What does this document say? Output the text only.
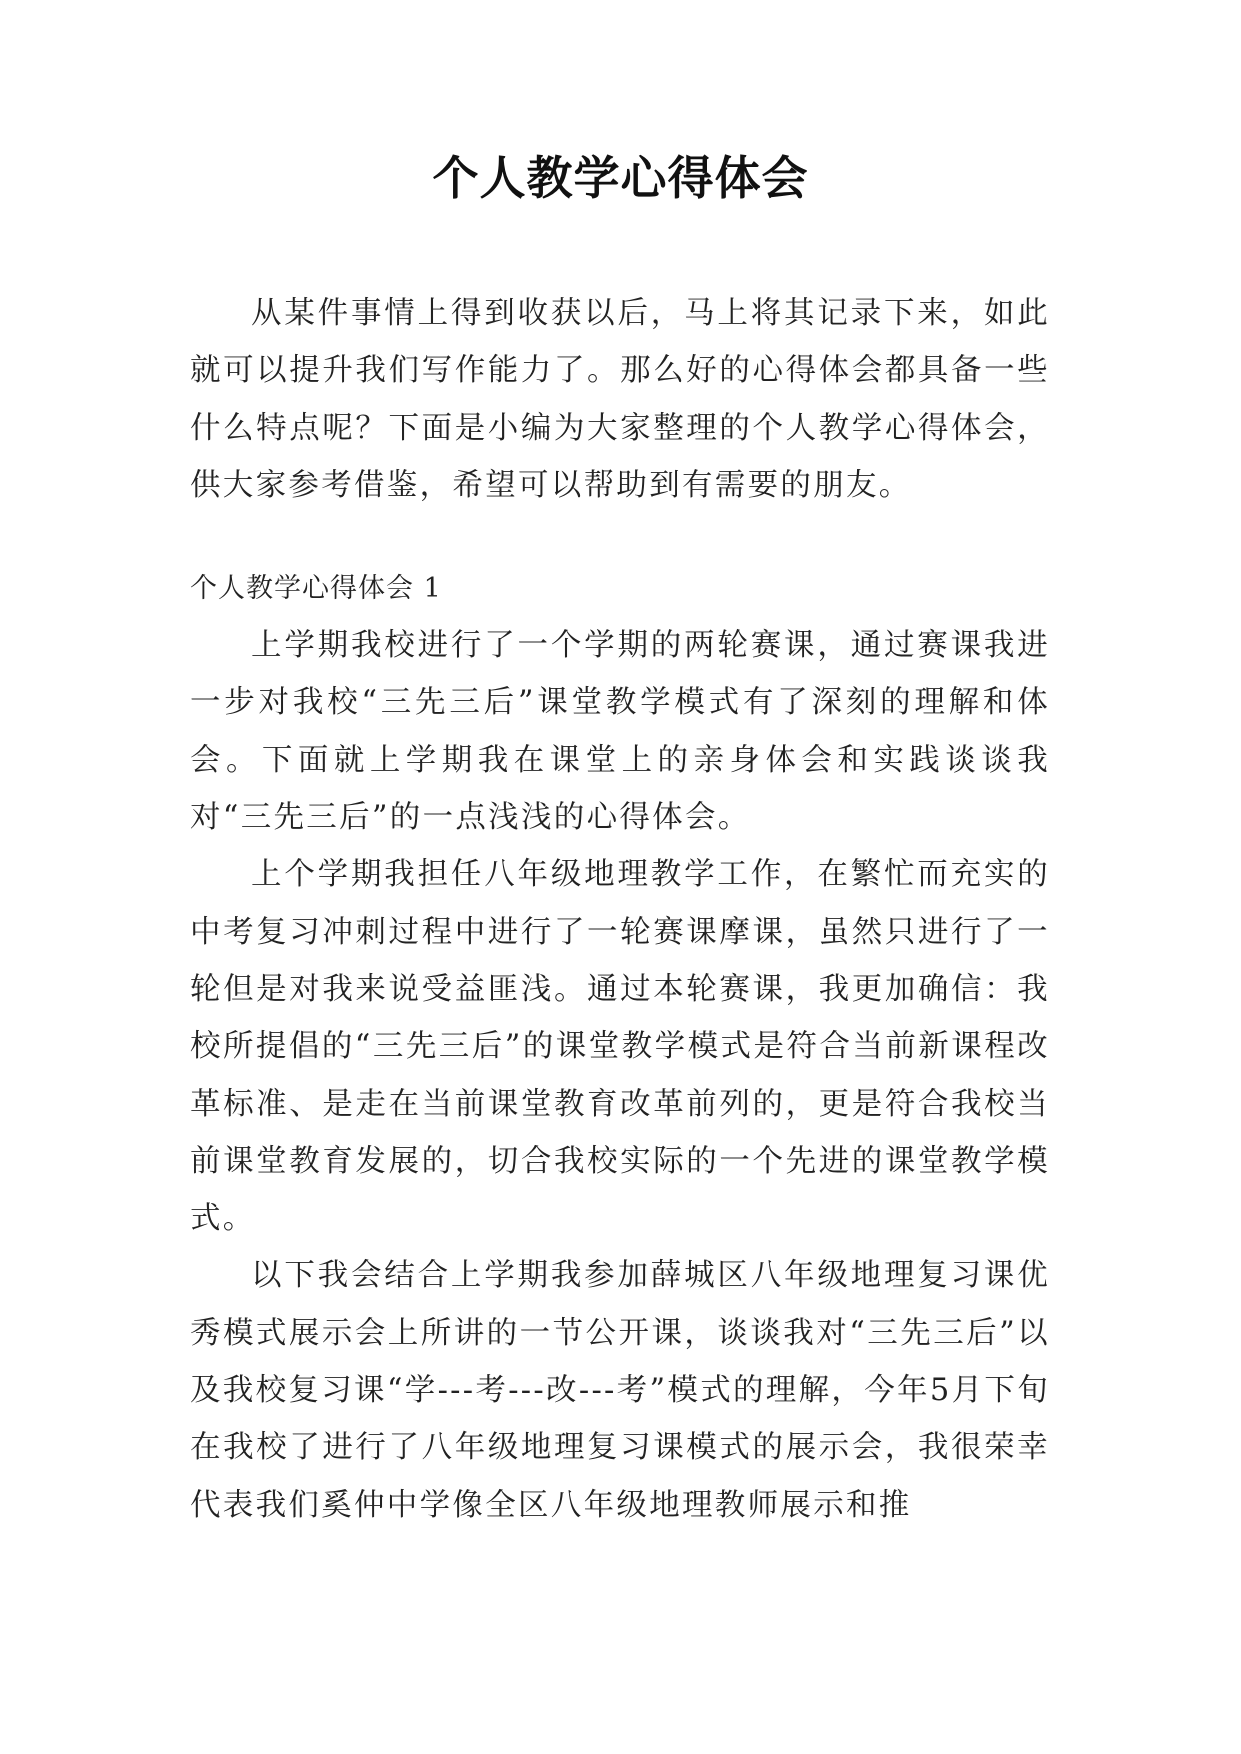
个人教学心得体会

从某件事情上得到收获以后，马上将其记录下来，如此就可以提升我们写作能力了。那么好的心得体会都具备一些什么特点呢？下面是小编为大家整理的个人教学心得体会，供大家参考借鉴，希望可以帮助到有需要的朋友。

个人教学心得体会 1

上学期我校进行了一个学期的两轮赛课，通过赛课我进一步对我校“三先三后”课堂教学模式有了深刻的理解和体会。下面就上学期我在课堂上的亲身体会和实践谈谈我对“三先三后”的一点浅浅的心得体会。

上个学期我担任八年级地理教学工作，在繁忙而充实的中考复习冲刺过程中进行了一轮赛课摩课，虽然只进行了一轮但是对我来说受益匪浅。通过本轮赛课，我更加确信：我校所提倡的“三先三后”的课堂教学模式是符合当前新课程改革标准、是走在当前课堂教育改革前列的，更是符合我校当前课堂教育发展的，切合我校实际的一个先进的课堂教学模式。

以下我会结合上学期我参加薛城区八年级地理复习课优秀模式展示会上所讲的一节公开课，谈谈我对“三先三后”以及我校复习课“学---考---改---考”模式的理解，今年5月下旬在我校了进行了八年级地理复习课模式的展示会，我很荣幸代表我们奚仲中学像全区八年级地理教师展示和推
